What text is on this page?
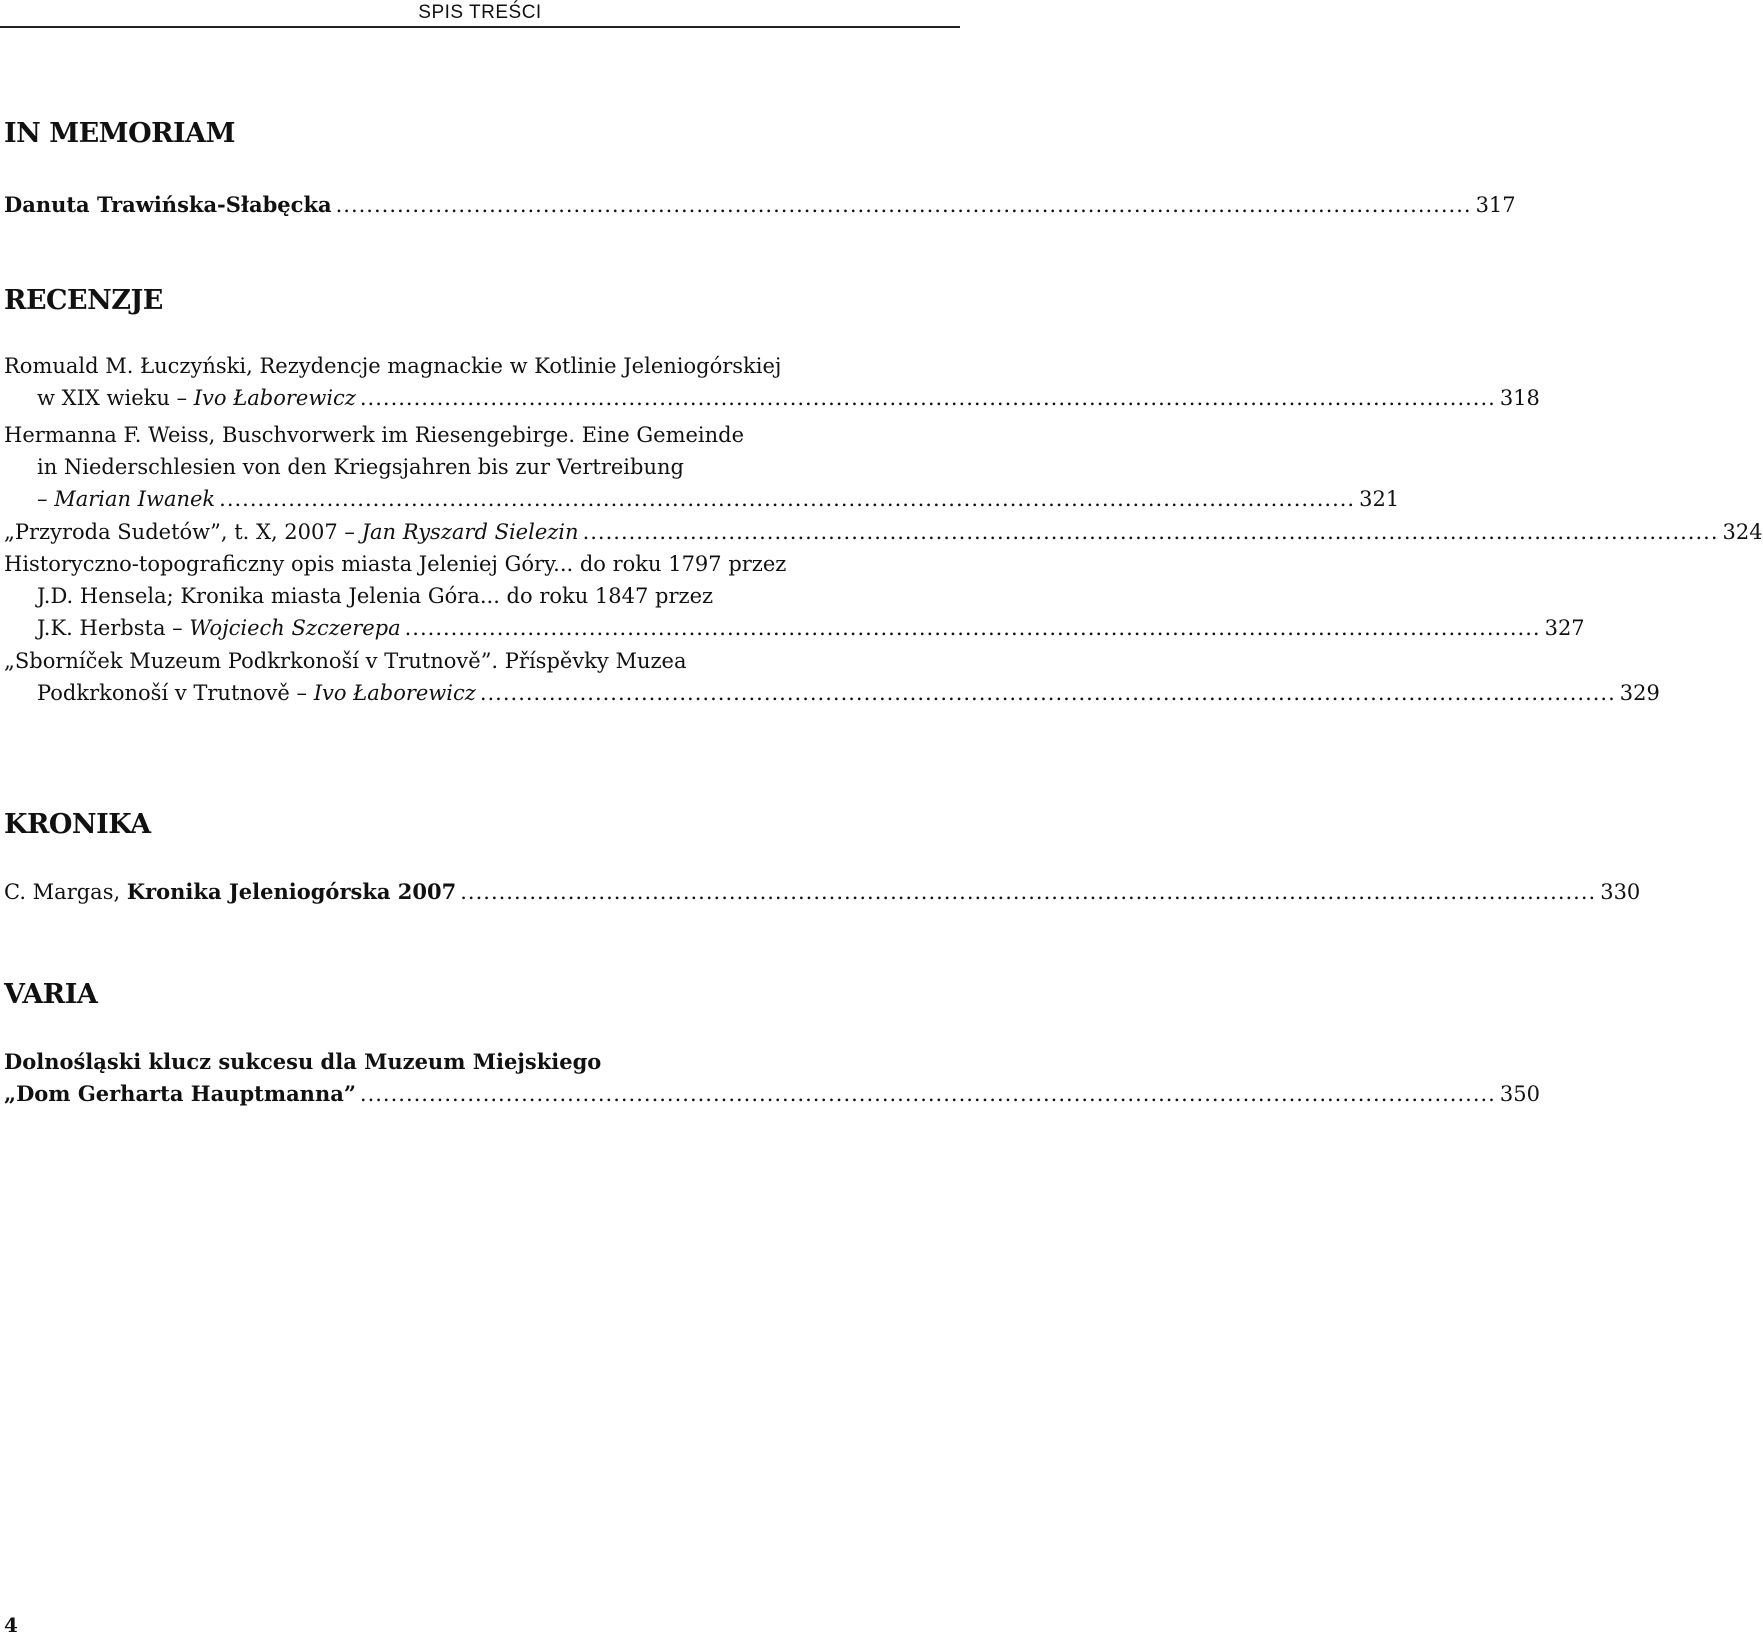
SPIS TREŚCI
IN MEMORIAM
Danuta Trawińska-Słabęcka .................................................................................................................................................... 317
RECENZJE
Romuald M. Łuczyński, Rezydencje magnackie w Kotlinie Jeleniogórskiej
w XIX wieku – Ivo Łaborewicz .................................................................................................................................................... 318
Hermanna F. Weiss, Buschvorwerk im Riesengebirge. Eine Gemeinde
in Niederschlesien von den Kriegsjahren bis zur Vertreibung
– Marian Iwanek .................................................................................................................................................... 321
„Przyroda Sudetów”, t. X, 2007 – Jan Ryszard Sielezin .................................................................................................................................................... 324
Historyczno-topograficzny opis miasta Jeleniej Góry... do roku 1797 przez
J.D. Hensela; Kronika miasta Jelenia Góra... do roku 1847 przez
J.K. Herbsta – Wojciech Szczerepa .................................................................................................................................................... 327
„Sborníček Muzeum Podkrkonoší v Trutnově”. Příspěvky Muzea
Podkrkonoší v Trutnově – Ivo Łaborewicz .................................................................................................................................................... 329
KRONIKA
C. Margas, Kronika Jeleniogórska 2007 .................................................................................................................................................... 330
VARIA
Dolnośląski klucz sukcesu dla Muzeum Miejskiego
„Dom Gerharta Hauptmanna” .................................................................................................................................................... 350
4
